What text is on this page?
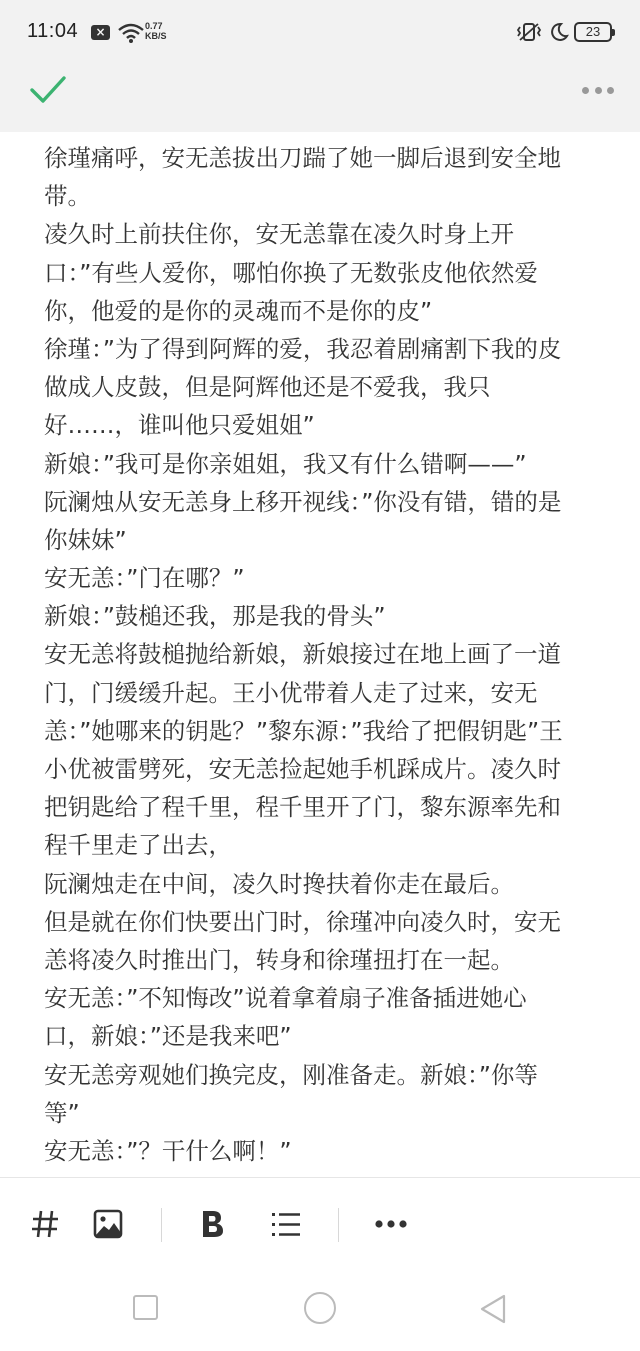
11:04	×	0.77
KB/S	23
徐瑾痛呼，安无恙拔出刀踹了她一脚后退到安全地
带。
凌久时上前扶住你，安无恙靠在凌久时身上开
口：”有些人爱你，哪怕你换了无数张皮他依然爱
你，他爱的是你的灵魂而不是你的皮”
徐瑾：”为了得到阿辉的爱，我忍着剧痛割下我的皮
做成人皮鼓，但是阿辉他还是不爱我，我只
好……，谁叫他只爱姐姐”
新娘：”我可是你亲姐姐，我又有什么错啊——”
阮澜烛从安无恙身上移开视线：”你没有错，错的是
你妹妹”
安无恙：”门在哪？”
新娘：”鼓槌还我，那是我的骨头”
安无恙将鼓槌抛给新娘，新娘接过在地上画了一道
门，门缓缓升起。王小优带着人走了过来，安无
恙：”她哪来的钥匙？”黎东源：”我给了把假钥匙”王
小优被雷劈死，安无恙捡起她手机踩成片。凌久时
把钥匙给了程千里，程千里开了门，黎东源率先和
程千里走了出去，
阮澜烛走在中间，凌久时搀扶着你走在最后。
但是就在你们快要出门时，徐瑾冲向凌久时，安无
恙将凌久时推出门，转身和徐瑾扭打在一起。
安无恙：”不知悔改”说着拿着扇子准备插进她心
口，新娘：”还是我来吧”
安无恙旁观她们换完皮，刚准备走。新娘：”你等
等”
安无恙：”？干什么啊！”
